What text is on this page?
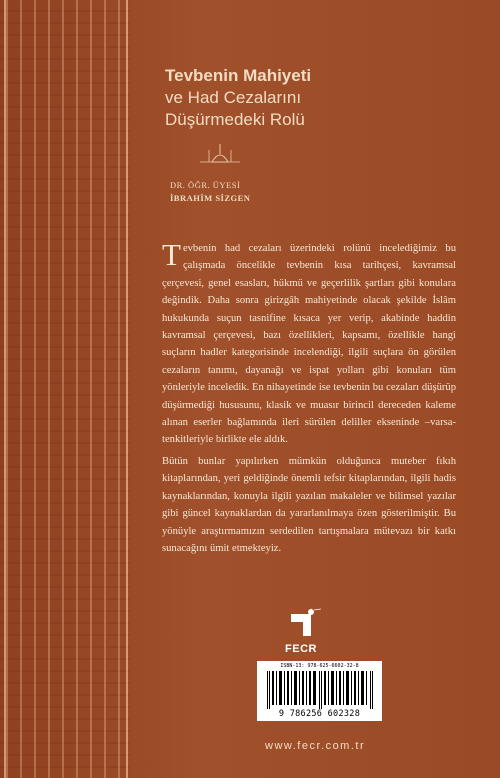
Tevbenin Mahiyeti
ve Had Cezalarını
Düşürmedeki Rolü
DR. ÖĞR. ÜYESİ
İBRAHİM SİZGEN

Tevbenin had cezaları üzerindeki rolünü incelediğimiz bu çalışmada öncelikle tevbenin kısa tarihçesi, kavramsal çerçevesi, genel esasları, hükmü ve geçerlilik şartları gibi konulara değindik. Daha sonra girizgâh mahiyetinde olacak şekilde İslâm hukukunda suçun tasnifine kısaca yer verip, akabinde haddin kavramsal çerçevesi, bazı özellikleri, kapsamı, özellikle hangi suçların hadler kategorisinde incelendiği, ilgili suçlara ön görülen cezaların tanımı, dayanağı ve ispat yolları gibi konuları tüm yönleriyle inceledik. En nihayetinde ise tevbenin bu cezaları düşürüp düşürmediği hususunu, klasik ve muasır birincil dereceden kaleme alınan eserler bağlamında ileri sürülen deliller ekseninde –varsa- tenkitleriyle birlikte ele aldık.

Bütün bunlar yapılırken mümkün olduğunca muteber fıkıh kitaplarından, yeri geldiğinde önemli tefsir kitaplarından, ilgili hadis kaynaklarından, konuyla ilgili yazılan makaleler ve bilimsel yazılar gibi güncel kaynaklardan da yararlanılmaya özen gösterilmiştir. Bu yönüyle araştırmamızın serdedilen tartışmalara mütevazı bir katkı sunacağını ümit etmekteyiz.

FECR
ISBN-13: 978-625-6602-32-8
9 786256 602328
www.fecr.com.tr
